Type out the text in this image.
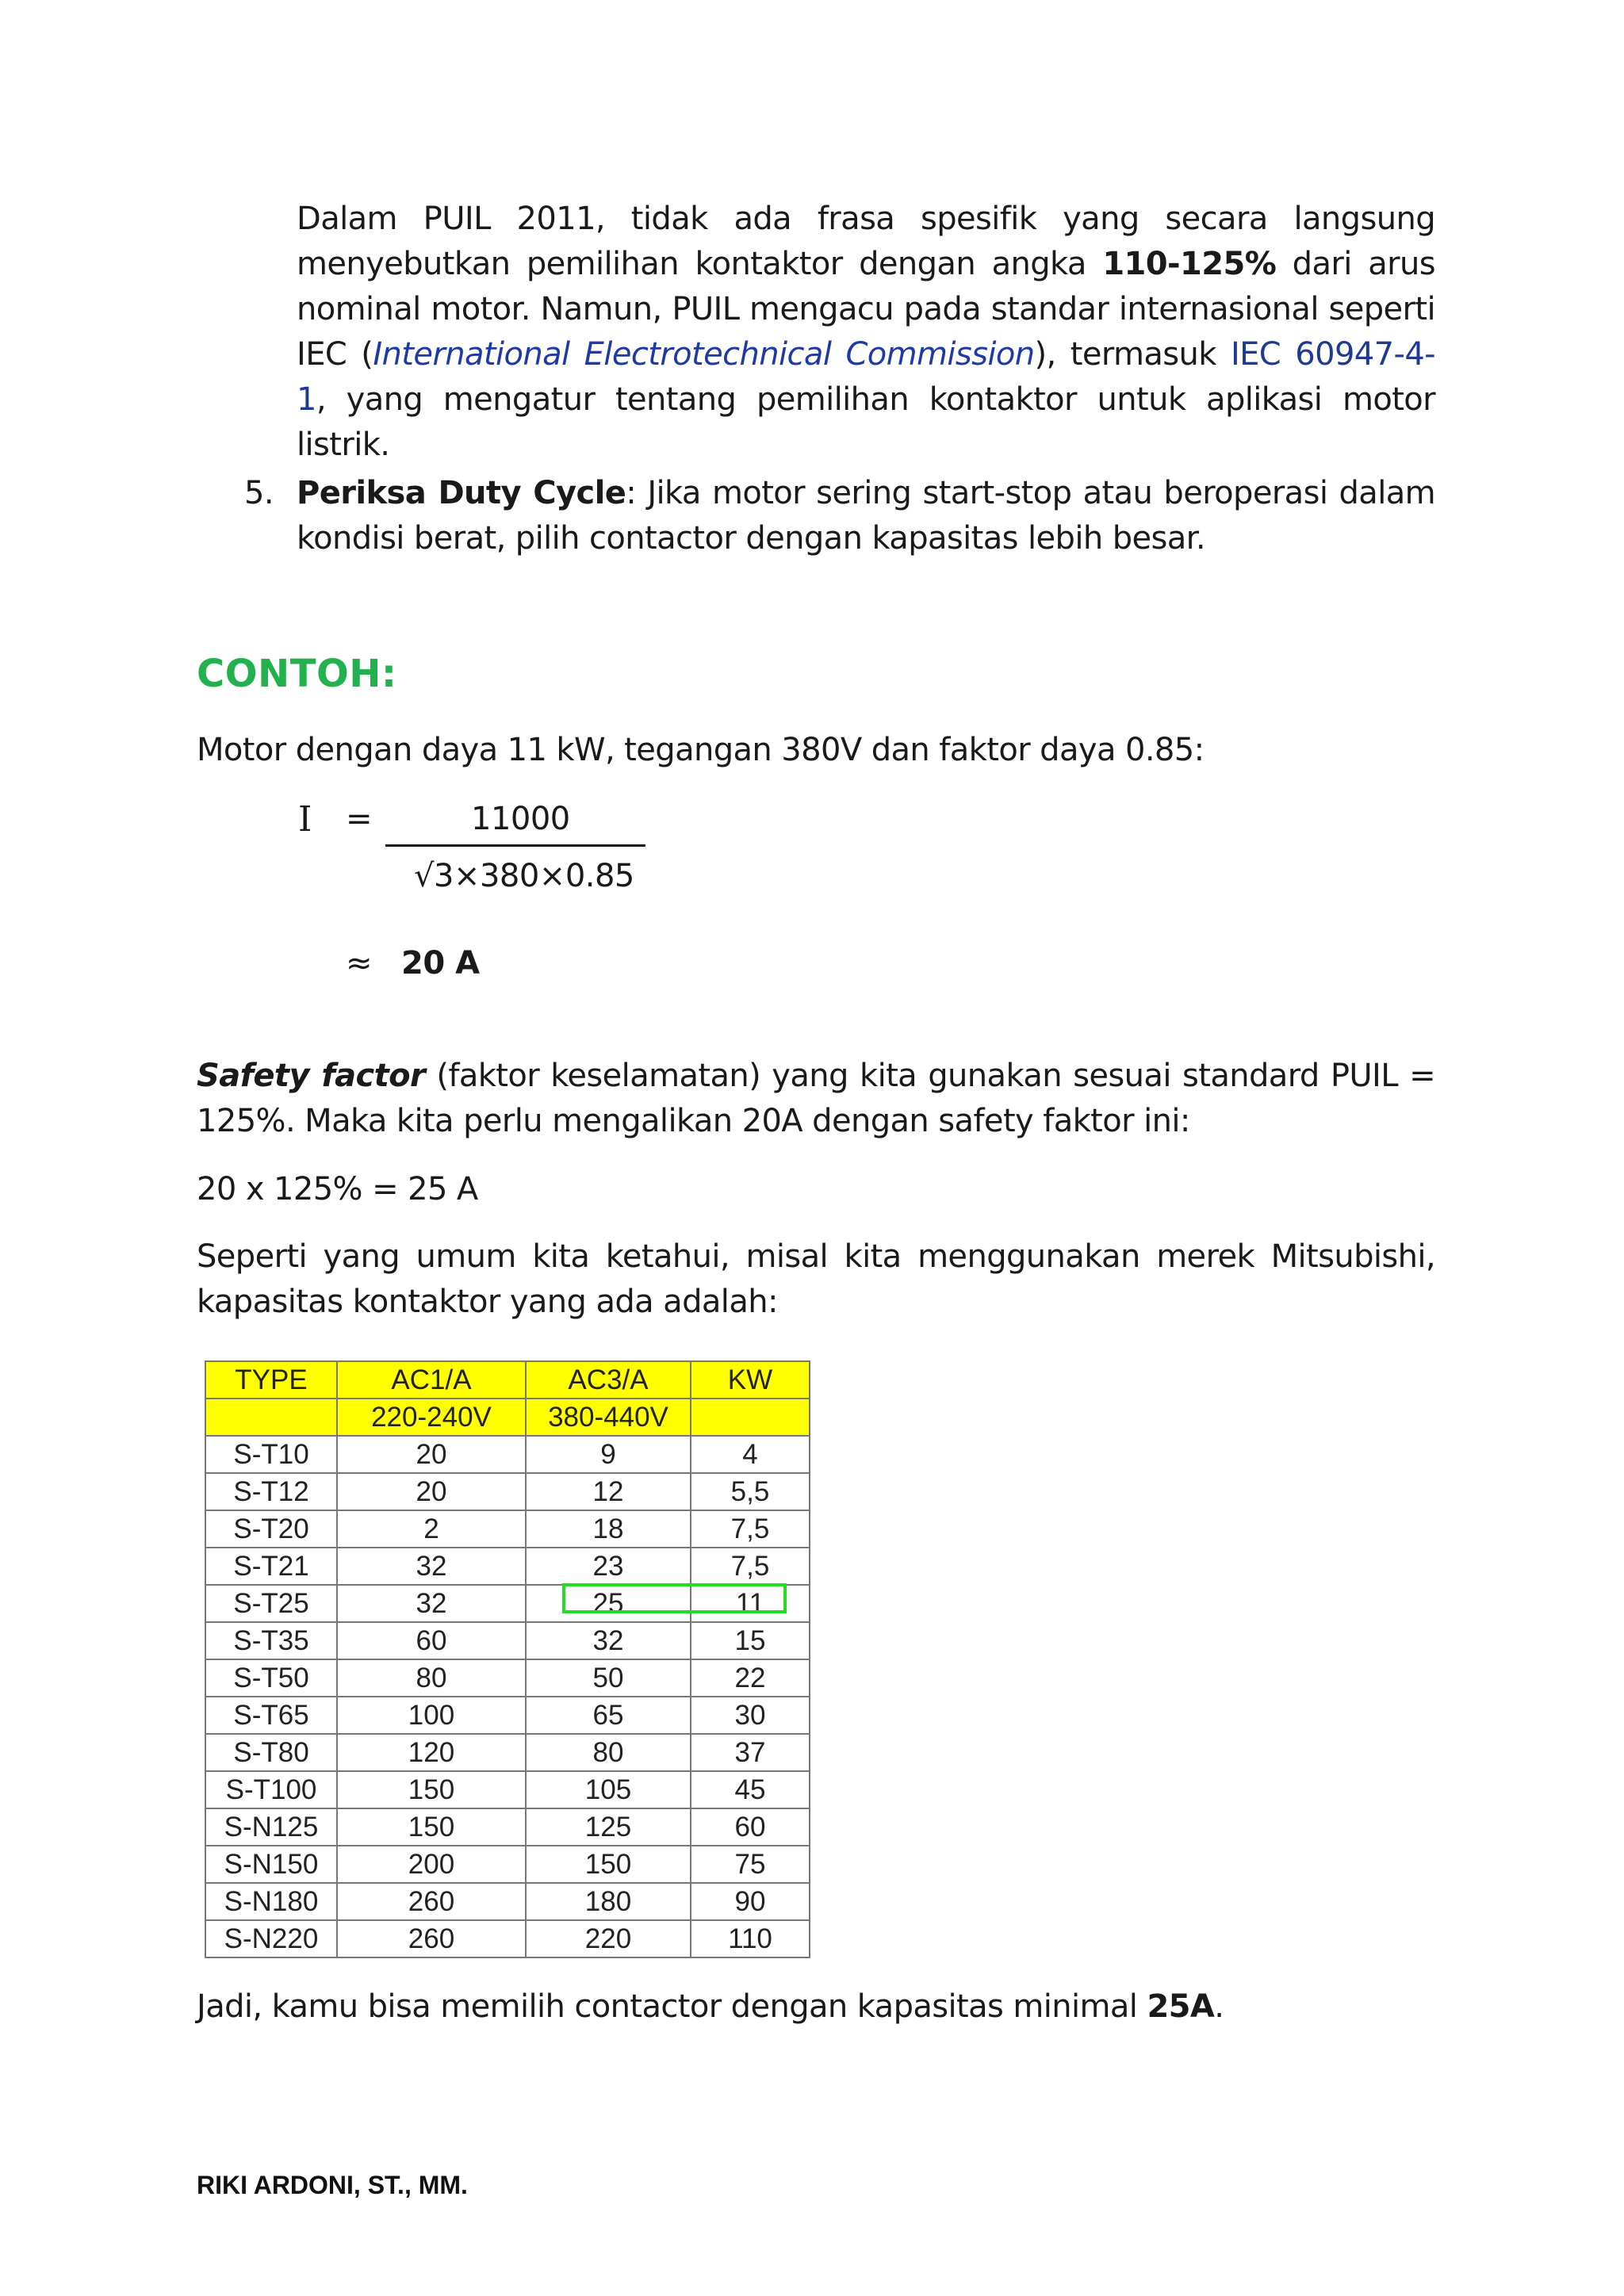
Dalam PUIL 2011, tidak ada frasa spesifik yang secara langsung menyebutkan pemilihan kontaktor dengan angka 110-125% dari arus nominal motor. Namun, PUIL mengacu pada standar internasional seperti IEC (International Electrotechnical Commission), termasuk IEC 60947-4-1, yang mengatur tentang pemilihan kontaktor untuk aplikasi motor listrik.
5. Periksa Duty Cycle: Jika motor sering start-stop atau beroperasi dalam kondisi berat, pilih contactor dengan kapasitas lebih besar.
CONTOH:
Motor dengan daya 11 kW, tegangan 380V dan faktor daya 0.85:
I =	11000
√3×380×0.85
≈ 20 A
Safety factor (faktor keselamatan) yang kita gunakan sesuai standard PUIL = 125%. Maka kita perlu mengalikan 20A dengan safety faktor ini:
20 x 125% = 25 A
Seperti yang umum kita ketahui, misal kita menggunakan merek Mitsubishi, kapasitas kontaktor yang ada adalah:
TYPE	AC1/A	AC3/A	KW
	220-240V	380-440V	
S-T10	20	9	4
S-T12	20	12	5,5
S-T20	2	18	7,5
S-T21	32	23	7,5
S-T25	32	25	11
S-T35	60	32	15
S-T50	80	50	22
S-T65	100	65	30
S-T80	120	80	37
S-T100	150	105	45
S-N125	150	125	60
S-N150	200	150	75
S-N180	260	180	90
S-N220	260	220	110
Jadi, kamu bisa memilih contactor dengan kapasitas minimal 25A.
RIKI ARDONI, ST., MM.
